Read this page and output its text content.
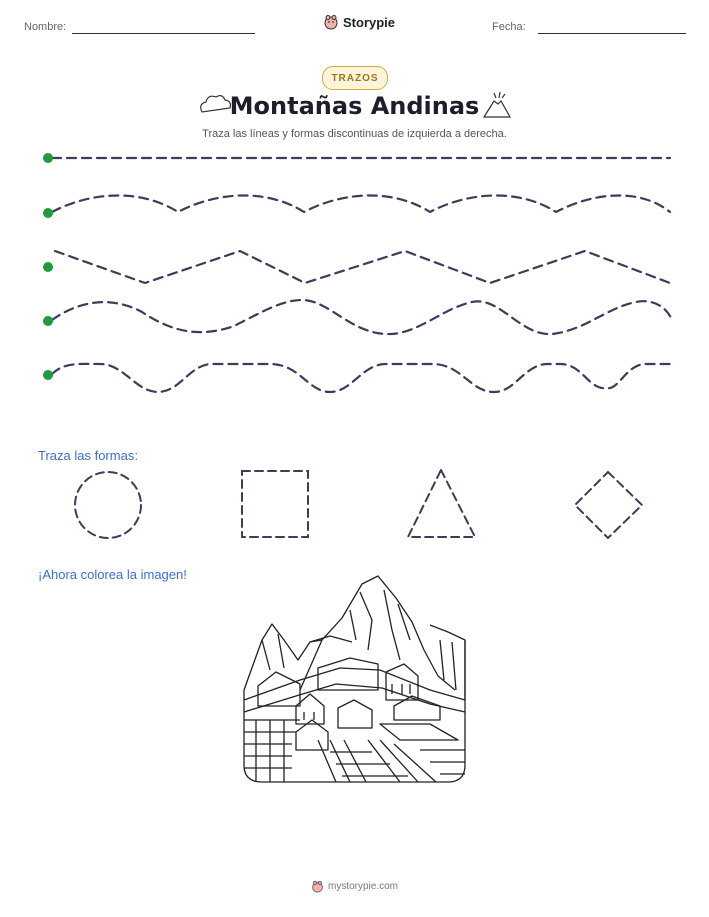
Nombre:	Storypie	Fecha:
TRAZOS
Montañas Andinas
Traza las líneas y formas discontinuas de izquierda a derecha.
Traza las formas:
¡Ahora colorea la imagen!
mystorypie.com
